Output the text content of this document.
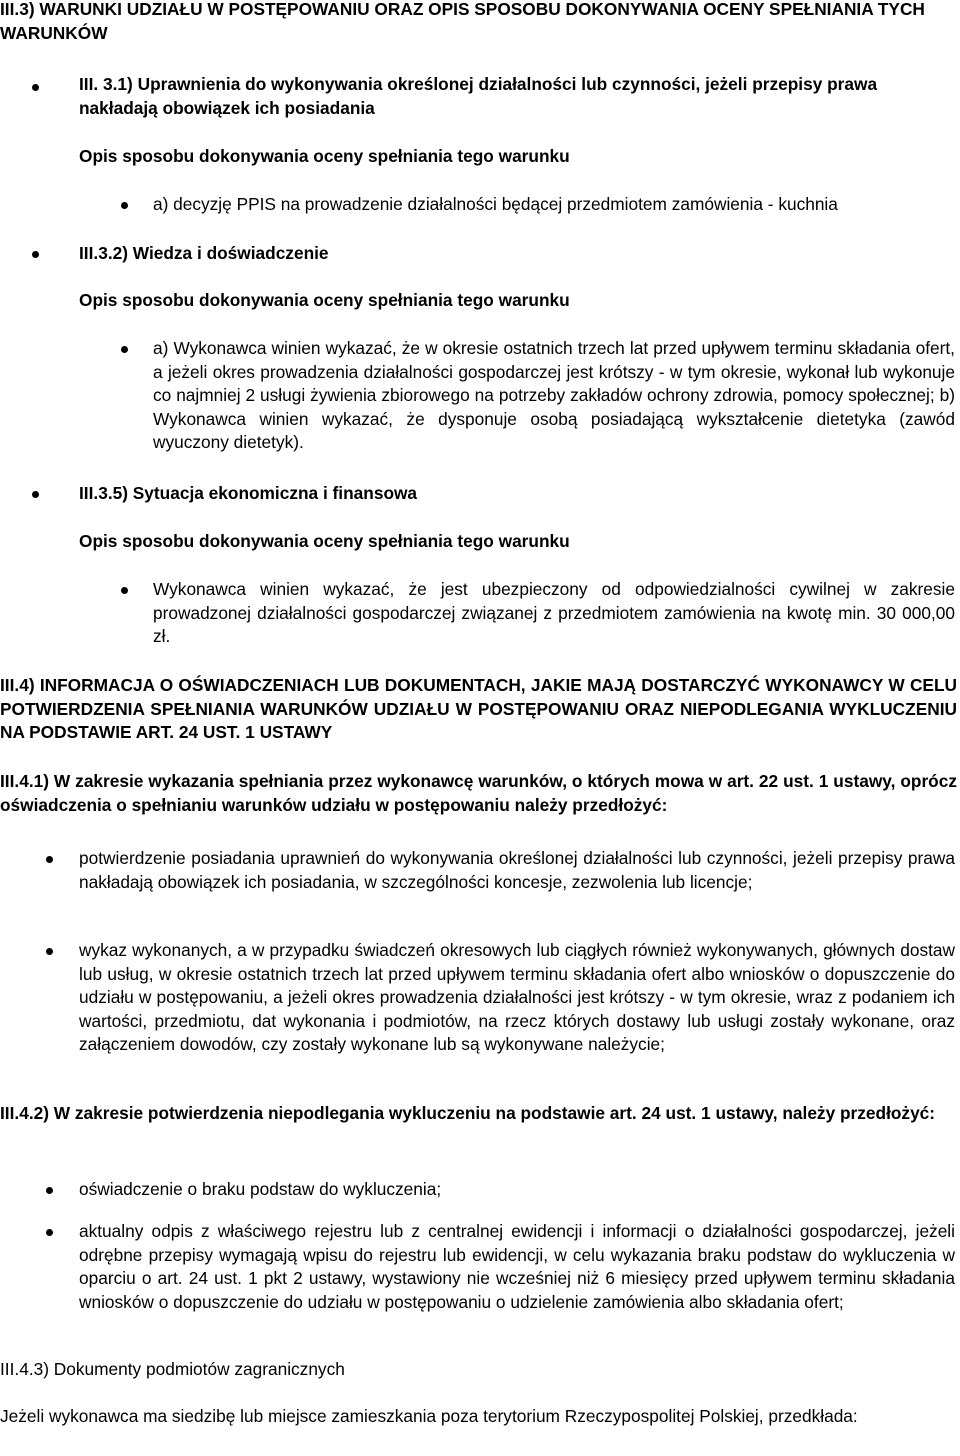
III.3) WARUNKI UDZIAŁU W POSTĘPOWANIU ORAZ OPIS SPOSOBU DOKONYWANIA OCENY SPEŁNIANIA TYCH WARUNKÓW

III. 3.1) Uprawnienia do wykonywania określonej działalności lub czynności, jeżeli przepisy prawa nakładają obowiązek ich posiadania

Opis sposobu dokonywania oceny spełniania tego warunku

a) decyzję PPIS na prowadzenie działalności będącej przedmiotem zamówienia - kuchnia

III.3.2) Wiedza i doświadczenie

Opis sposobu dokonywania oceny spełniania tego warunku

a) Wykonawca winien wykazać, że w okresie ostatnich trzech lat przed upływem terminu składania ofert, a jeżeli okres prowadzenia działalności gospodarczej jest krótszy - w tym okresie, wykonał lub wykonuje co najmniej 2 usługi żywienia zbiorowego na potrzeby zakładów ochrony zdrowia, pomocy społecznej; b) Wykonawca winien wykazać, że dysponuje osobą posiadającą wykształcenie dietetyka (zawód wyuczony dietetyk).

III.3.5) Sytuacja ekonomiczna i finansowa

Opis sposobu dokonywania oceny spełniania tego warunku

Wykonawca winien wykazać, że jest ubezpieczony od odpowiedzialności cywilnej w zakresie prowadzonej działalności gospodarczej związanej z przedmiotem zamówienia na kwotę min. 30 000,00 zł.

III.4) INFORMACJA O OŚWIADCZENIACH LUB DOKUMENTACH, JAKIE MAJĄ DOSTARCZYĆ WYKONAWCY W CELU POTWIERDZENIA SPEŁNIANIA WARUNKÓW UDZIAŁU W POSTĘPOWANIU ORAZ NIEPODLEGANIA WYKLUCZENIU NA PODSTAWIE ART. 24 UST. 1 USTAWY

III.4.1) W zakresie wykazania spełniania przez wykonawcę warunków, o których mowa w art. 22 ust. 1 ustawy, oprócz oświadczenia o spełnianiu warunków udziału w postępowaniu należy przedłożyć:

potwierdzenie posiadania uprawnień do wykonywania określonej działalności lub czynności, jeżeli przepisy prawa nakładają obowiązek ich posiadania, w szczególności koncesje, zezwolenia lub licencje;

wykaz wykonanych, a w przypadku świadczeń okresowych lub ciągłych również wykonywanych, głównych dostaw lub usług, w okresie ostatnich trzech lat przed upływem terminu składania ofert albo wniosków o dopuszczenie do udziału w postępowaniu, a jeżeli okres prowadzenia działalności jest krótszy - w tym okresie, wraz z podaniem ich wartości, przedmiotu, dat wykonania i podmiotów, na rzecz których dostawy lub usługi zostały wykonane, oraz załączeniem dowodów, czy zostały wykonane lub są wykonywane należycie;

III.4.2) W zakresie potwierdzenia niepodlegania wykluczeniu na podstawie art. 24 ust. 1 ustawy, należy przedłożyć:

oświadczenie o braku podstaw do wykluczenia;

aktualny odpis z właściwego rejestru lub z centralnej ewidencji i informacji o działalności gospodarczej, jeżeli odrębne przepisy wymagają wpisu do rejestru lub ewidencji, w celu wykazania braku podstaw do wykluczenia w oparciu o art. 24 ust. 1 pkt 2 ustawy, wystawiony nie wcześniej niż 6 miesięcy przed upływem terminu składania wniosków o dopuszczenie do udziału w postępowaniu o udzielenie zamówienia albo składania ofert;

III.4.3) Dokumenty podmiotów zagranicznych

Jeżeli wykonawca ma siedzibę lub miejsce zamieszkania poza terytorium Rzeczypospolitej Polskiej, przedkłada:
